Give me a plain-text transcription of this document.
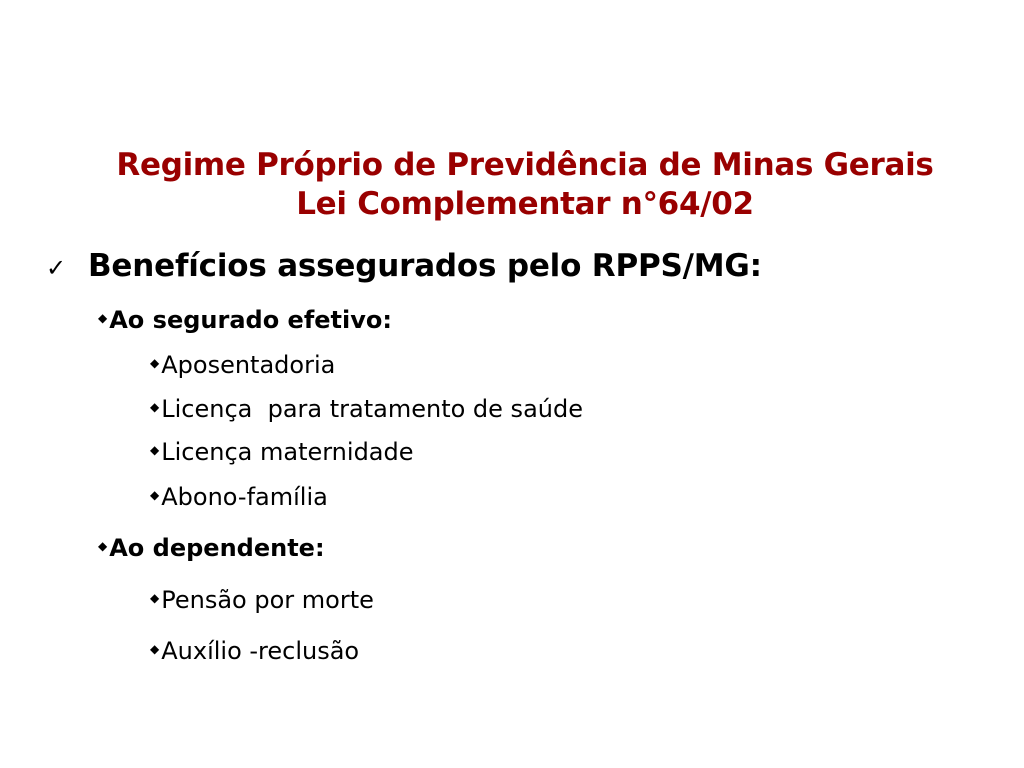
Regime Próprio de Previdência de Minas Gerais
Lei Complementar n°64/02
✓ Benefícios assegurados pelo RPPS/MG:
◆ Ao segurado efetivo:
◆ Aposentadoria
◆ Licença  para tratamento de saúde
◆ Licença maternidade
◆ Abono-família
◆ Ao dependente:
◆ Pensão por morte
◆ Auxílio -reclusão
